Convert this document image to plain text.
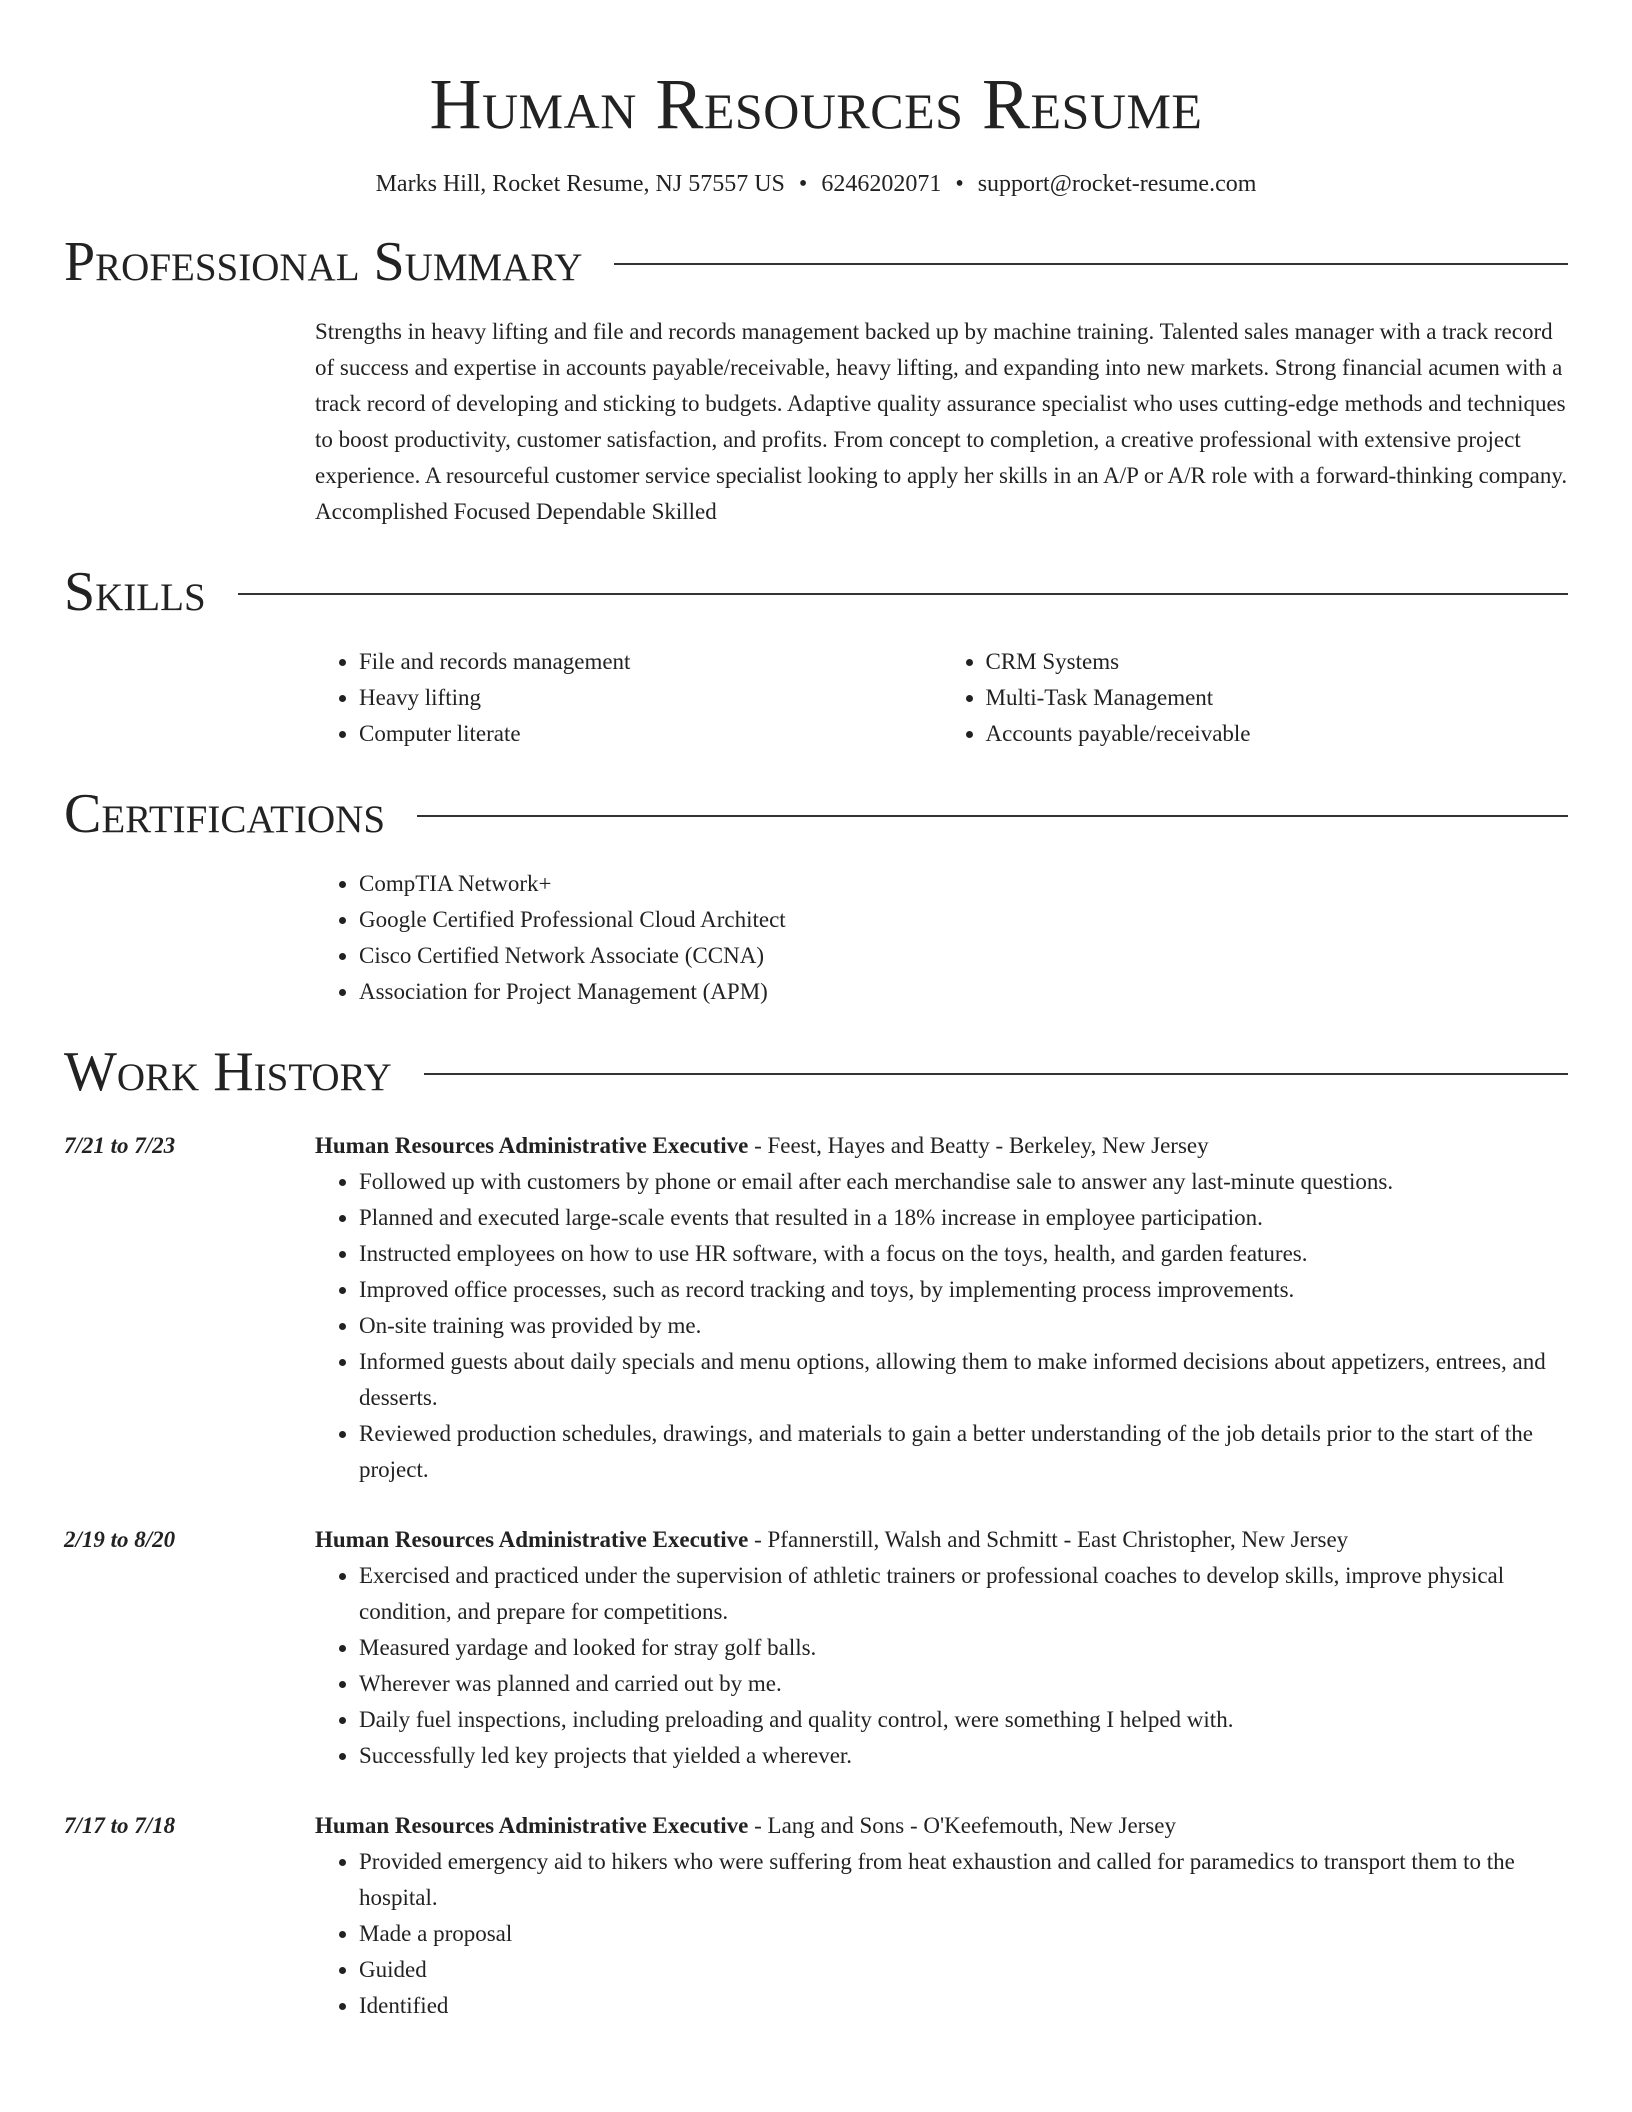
Human Resources Resume
Marks Hill, Rocket Resume, NJ 57557 US • 6246202071 • support@rocket-resume.com
Professional Summary
Strengths in heavy lifting and file and records management backed up by machine training. Talented sales manager with a track record of success and expertise in accounts payable/receivable, heavy lifting, and expanding into new markets. Strong financial acumen with a track record of developing and sticking to budgets. Adaptive quality assurance specialist who uses cutting-edge methods and techniques to boost productivity, customer satisfaction, and profits. From concept to completion, a creative professional with extensive project experience. A resourceful customer service specialist looking to apply her skills in an A/P or A/R role with a forward-thinking company. Accomplished Focused Dependable Skilled
Skills
• File and records management
• Heavy lifting
• Computer literate
• CRM Systems
• Multi-Task Management
• Accounts payable/receivable
Certifications
• CompTIA Network+
• Google Certified Professional Cloud Architect
• Cisco Certified Network Associate (CCNA)
• Association for Project Management (APM)
Work History
7/21 to 7/23	Human Resources Administrative Executive - Feest, Hayes and Beatty - Berkeley, New Jersey
• Followed up with customers by phone or email after each merchandise sale to answer any last-minute questions.
• Planned and executed large-scale events that resulted in a 18% increase in employee participation.
• Instructed employees on how to use HR software, with a focus on the toys, health, and garden features.
• Improved office processes, such as record tracking and toys, by implementing process improvements.
• On-site training was provided by me.
• Informed guests about daily specials and menu options, allowing them to make informed decisions about appetizers, entrees, and desserts.
• Reviewed production schedules, drawings, and materials to gain a better understanding of the job details prior to the start of the project.
2/19 to 8/20	Human Resources Administrative Executive - Pfannerstill, Walsh and Schmitt - East Christopher, New Jersey
• Exercised and practiced under the supervision of athletic trainers or professional coaches to develop skills, improve physical condition, and prepare for competitions.
• Measured yardage and looked for stray golf balls.
• Wherever was planned and carried out by me.
• Daily fuel inspections, including preloading and quality control, were something I helped with.
• Successfully led key projects that yielded a wherever.
7/17 to 7/18	Human Resources Administrative Executive - Lang and Sons - O'Keefemouth, New Jersey
• Provided emergency aid to hikers who were suffering from heat exhaustion and called for paramedics to transport them to the hospital.
• Made a proposal
• Guided
• Identified
